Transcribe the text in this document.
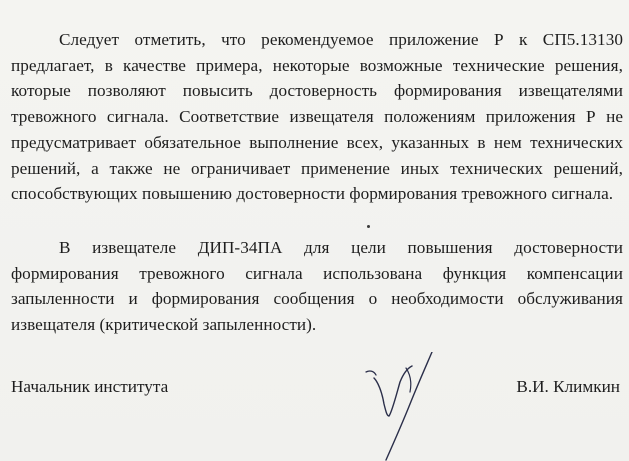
Следует отметить, что рекомендуемое приложение Р к СП5.13130 предлагает, в качестве примера, некоторые возможные технические решения, которые позволяют повысить достоверность формирования извещателями тревожного сигнала. Соответствие извещателя положениям приложения Р не предусматривает обязательное выполнение всех, указанных в нем технических решений, а также не ограничивает применение иных технических решений, способствующих повышению достоверности формирования тревожного сигнала.

В извещателе ДИП-34ПА для цели повышения достоверности формирования тревожного сигнала использована функция компенсации запыленности и формирования сообщения о необходимости обслуживания извещателя (критической запыленности).

Начальник института	В.И. Климкин
